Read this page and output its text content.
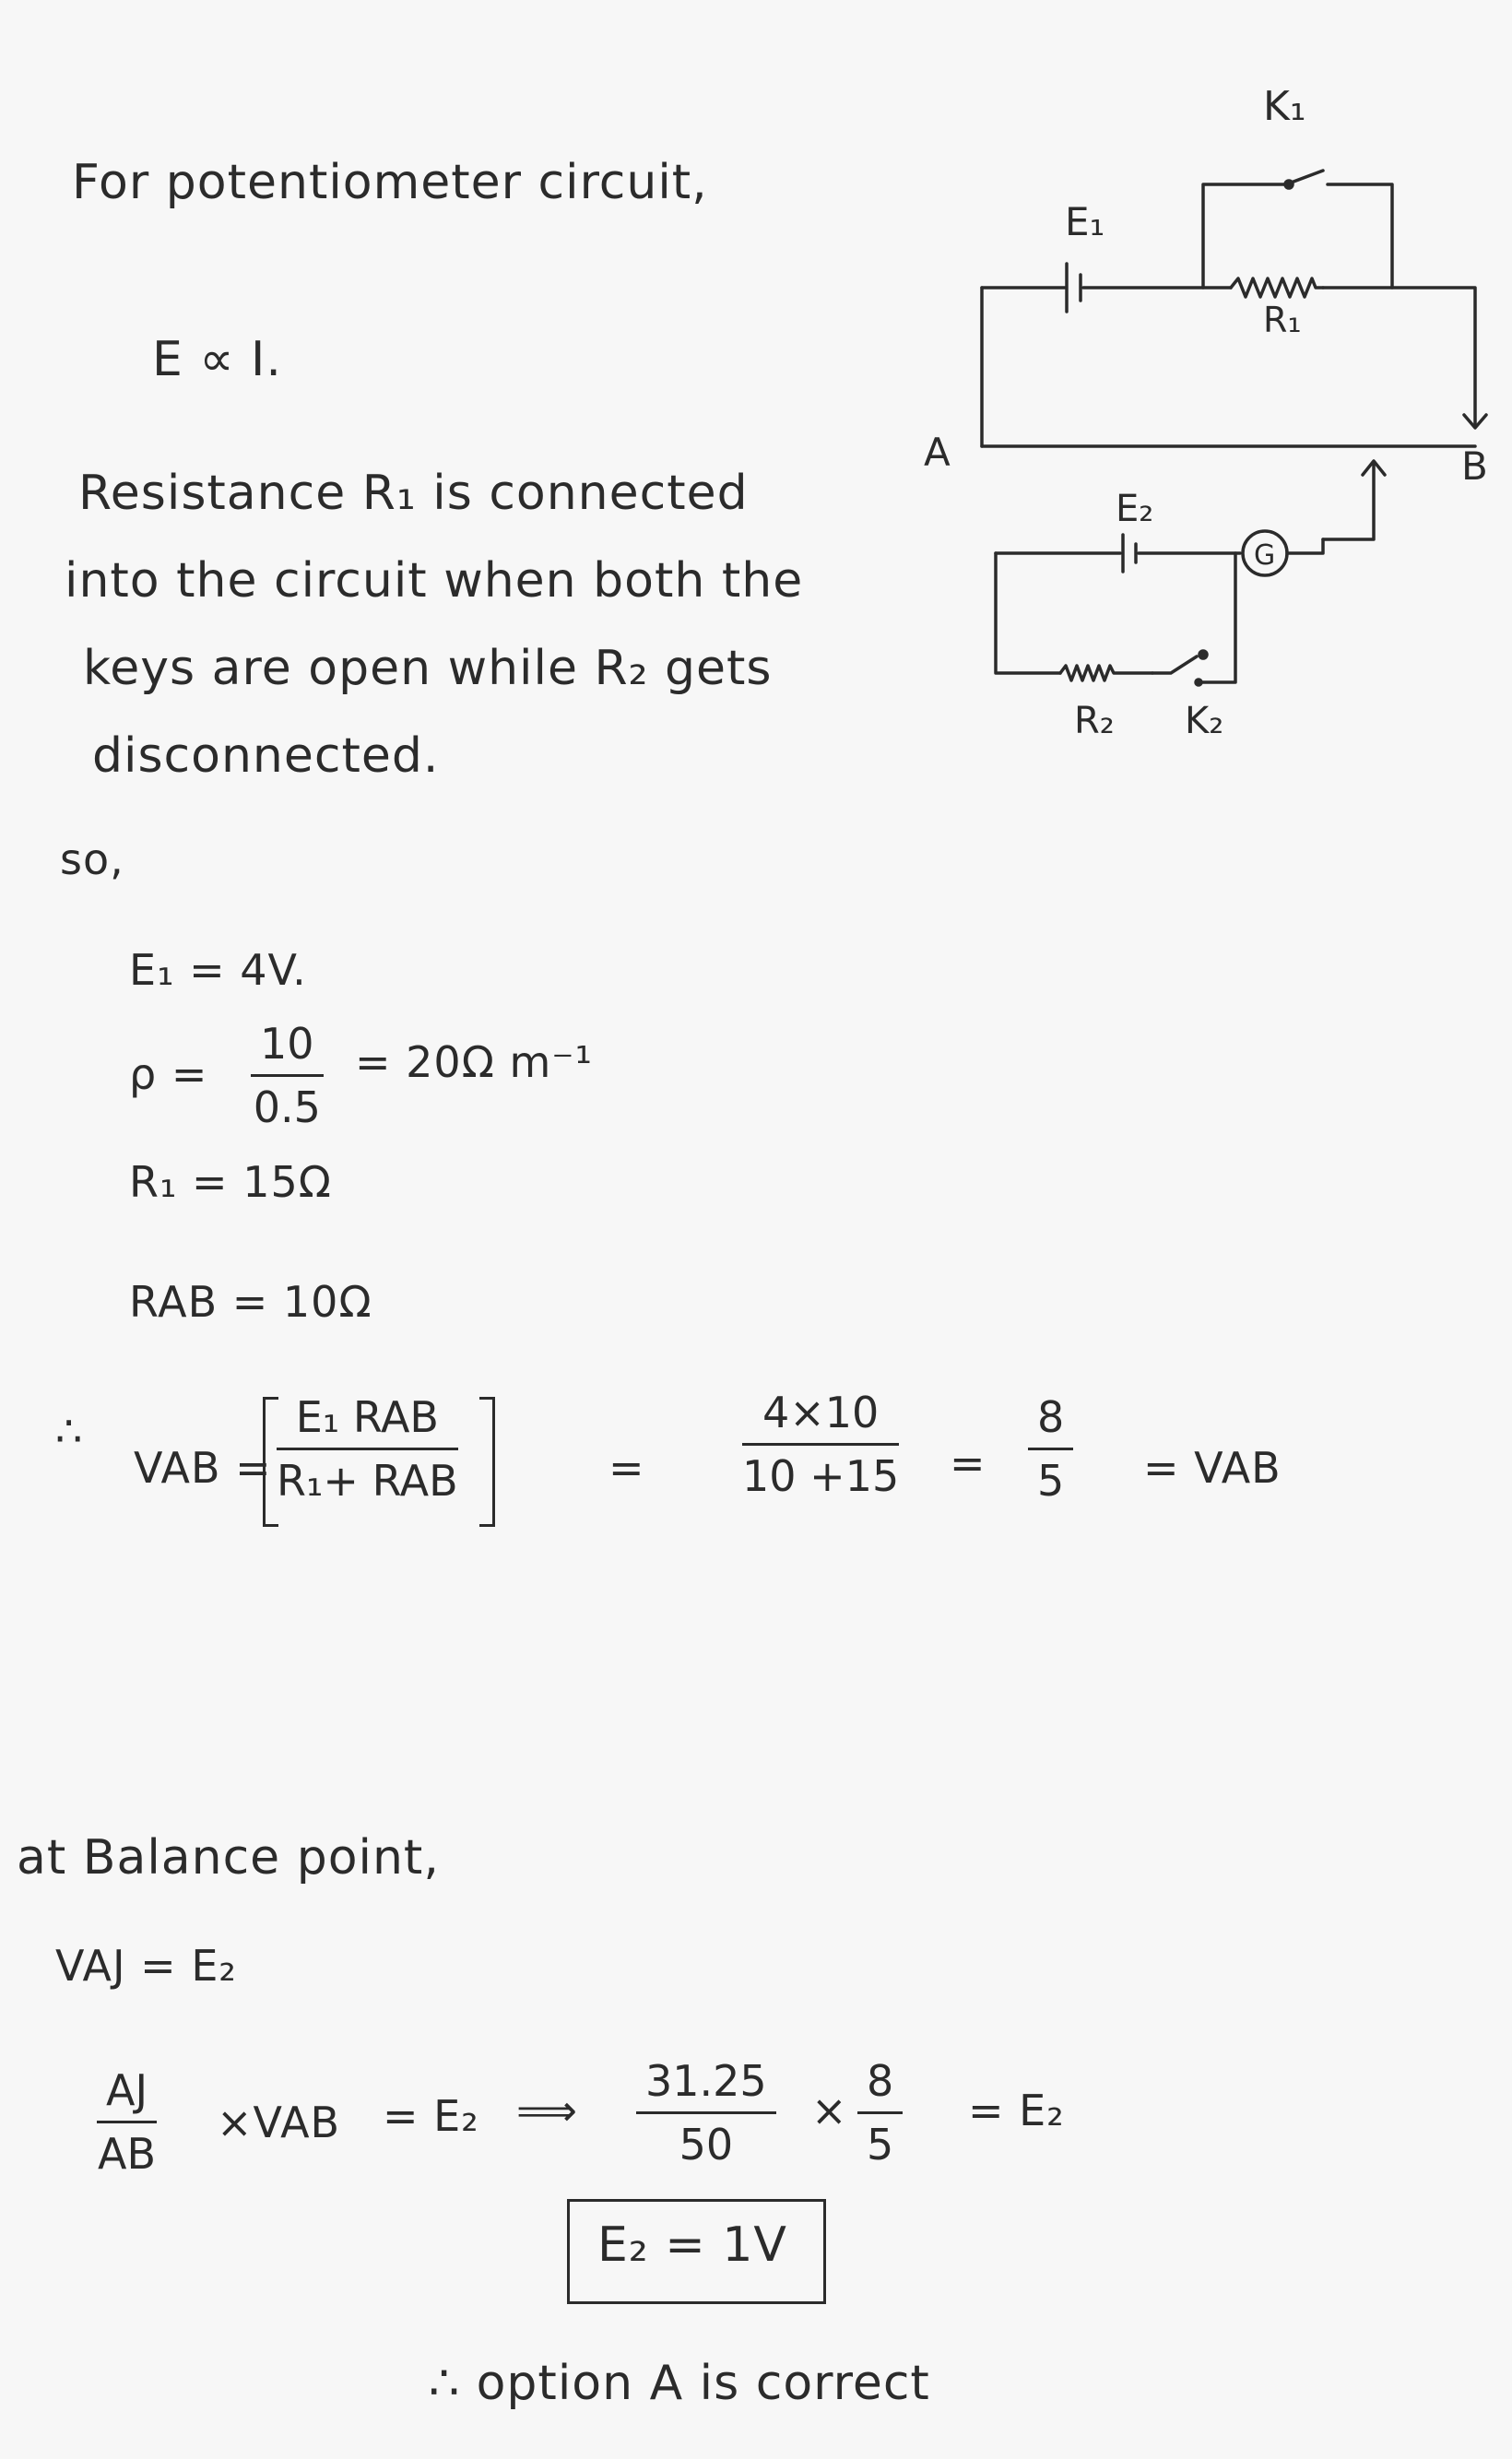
For potentiometer circuit,
E ∝ I.
Resistance R₁ is connected
into the circuit when both the
keys are open while R₂ gets
disconnected.
so,
E₁ = 4V.
$\rho = \frac{10}{0.5} = 20\Omega$ m⁻¹
R₁ = 15Ω
RAB = 10Ω
∴
VAB =
E₁ RAB
R₁+ RAB	= $\frac{4\times 10}{10 +15} = \frac{8}{5}$ = VAB
at Balance point,
VAJ = E₂
$\frac{AJ}{AB} \times VAB = E_2$ ⟹ $\frac{31.25}{50} \times \frac{8}{5} = E_2$
E₂ = 1V
∴ option A is correct
G
K₁
E₁
R₁
A	B
E₂
R₂ K₂
